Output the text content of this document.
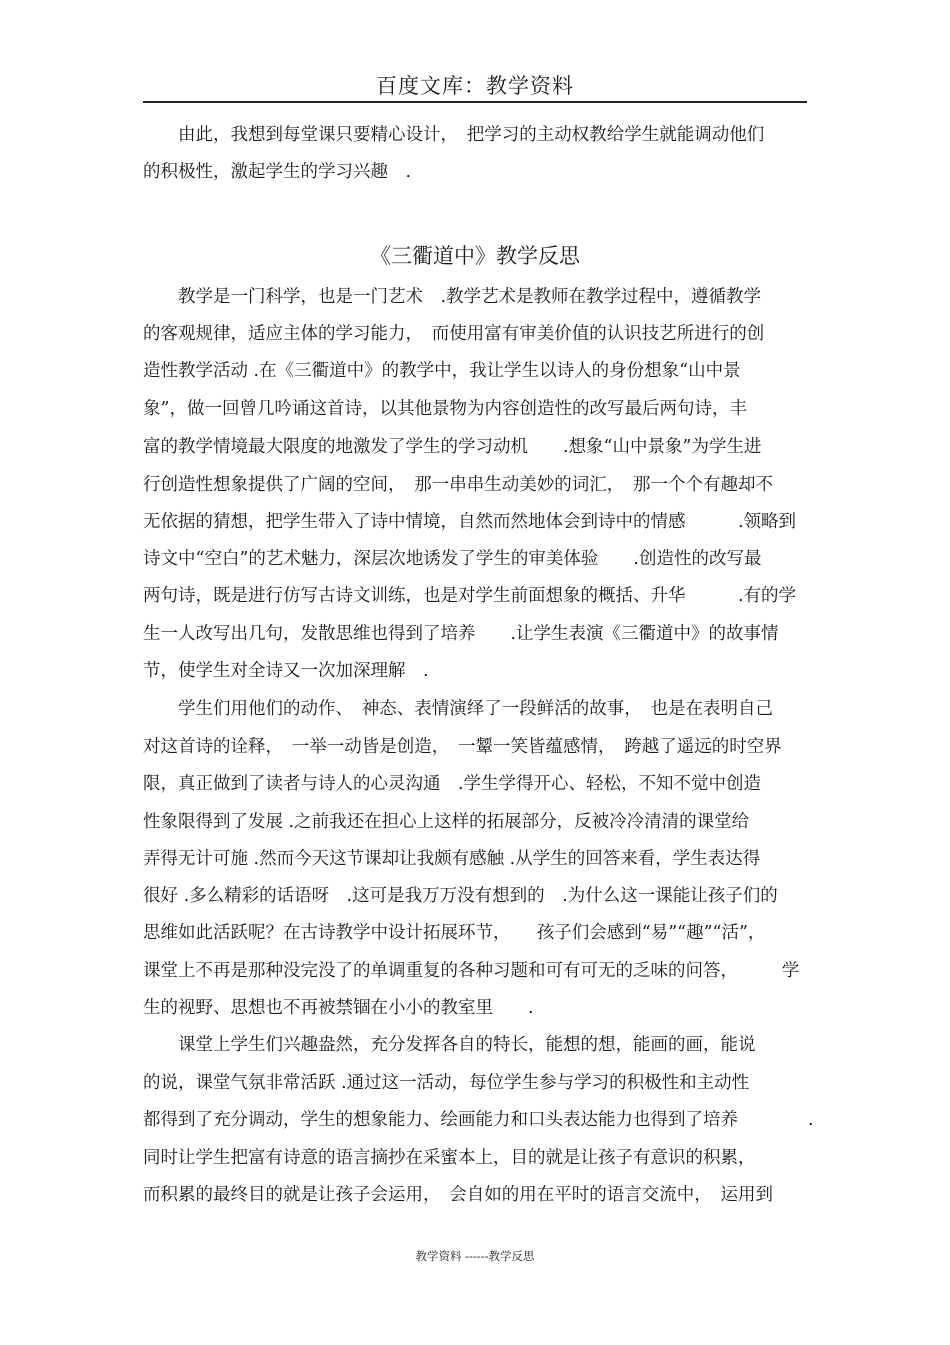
百度文库：教学资料
　　由此，我想到每堂课只要精心设计，　把学习的主动权教给学生就能调动他们
的积极性，激起学生的学习兴趣　.
《三衢道中》教学反思
　　教学是一门科学，也是一门艺术　.教学艺术是教师在教学过程中，遵循教学
的客观规律，适应主体的学习能力，　而使用富有审美价值的认识技艺所进行的创
造性教学活动 .在《三衢道中》的教学中，我让学生以诗人的身份想象“山中景
象”，做一回曾几吟诵这首诗，以其他景物为内容创造性的改写最后两句诗，丰
富的教学情境最大限度的地激发了学生的学习动机　　.想象“山中景象”为学生进
行创造性想象提供了广阔的空间，　那一串串生动美妙的词汇，　那一个个有趣却不
无依据的猜想，把学生带入了诗中情境，自然而然地体会到诗中的情感　　　.领略到
诗文中“空白”的艺术魅力，深层次地诱发了学生的审美体验　　.创造性的改写最
两句诗，既是进行仿写古诗文训练，也是对学生前面想象的概括、升华　　　.有的学
生一人改写出几句，发散思维也得到了培养　　.让学生表演《三衢道中》的故事情
节，使学生对全诗又一次加深理解　.
　　学生们用他们的动作、　神态、表情演绎了一段鲜活的故事，　也是在表明自己
对这首诗的诠释，　一举一动皆是创造，　一颦一笑皆蕴感情，　跨越了遥远的时空界
限，真正做到了读者与诗人的心灵沟通　.学生学得开心、轻松，不知不觉中创造
性象限得到了发展 .之前我还在担心上这样的拓展部分，反被冷冷清清的课堂给
弄得无计可施 .然而今天这节课却让我颇有感触 .从学生的回答来看，学生表达得
很好 .多么精彩的话语呀　.这可是我万万没有想到的　.为什么这一课能让孩子们的
思维如此活跃呢？在古诗教学中设计拓展环节，　　孩子们会感到“易”“趣”“活”，
课堂上不再是那种没完没了的单调重复的各种习题和可有可无的乏味的问答，　　　学
生的视野、思想也不再被禁锢在小小的教室里　　.
　　课堂上学生们兴趣盎然，充分发挥各自的特长，能想的想，能画的画，能说
的说，课堂气氛非常活跃 .通过这一活动，每位学生参与学习的积极性和主动性
都得到了充分调动，学生的想象能力、绘画能力和口头表达能力也得到了培养　　　　.
同时让学生把富有诗意的语言摘抄在采蜜本上，目的就是让孩子有意识的积累，
而积累的最终目的就是让孩子会运用，　会自如的用在平时的语言交流中，　运用到
教学资料 ------教学反思
